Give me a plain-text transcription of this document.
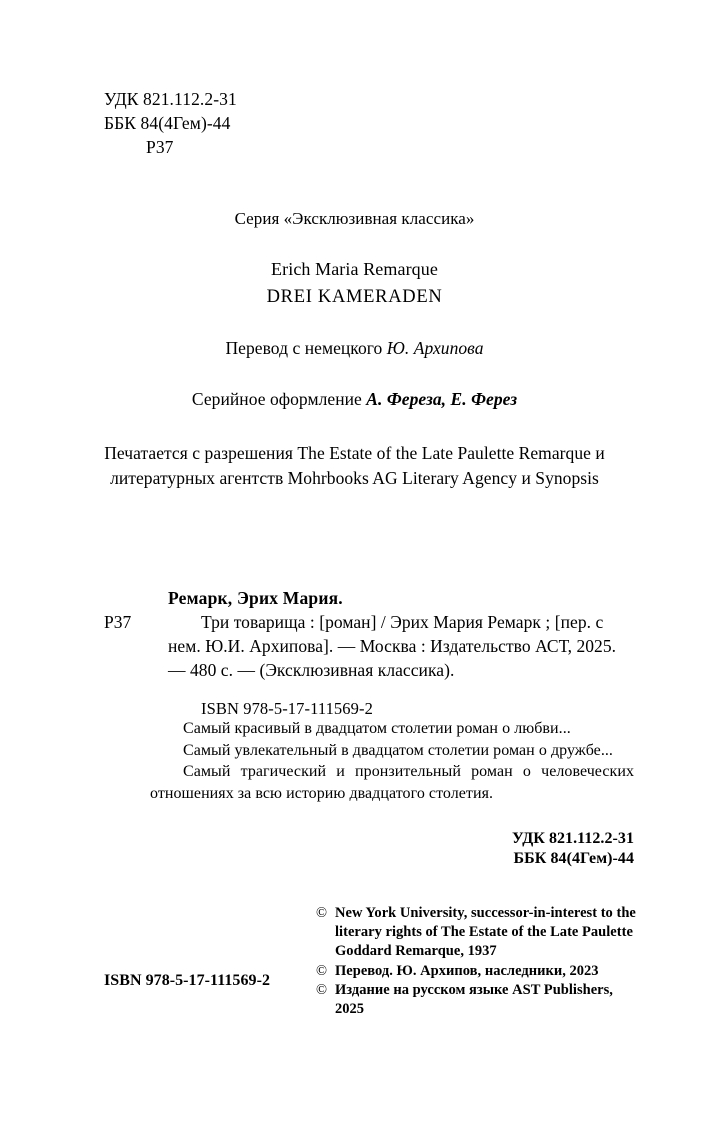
УДК 821.112.2-31
ББК 84(4Гем)-44
Р37
Серия «Эксклюзивная классика»
Erich Maria Remarque
DREI KAMERADEN
Перевод с немецкого Ю. Архипова
Серийное оформление А. Фереза, Е. Ферез
Печатается с разрешения The Estate of the Late Paulette Remarque и литературных агентств Mohrbooks AG Literary Agency и Synopsis
Р37
Ремарк, Эрих Мария.
Три товарища : [роман] / Эрих Мария Ремарк ; [пер. с нем. Ю.И. Архипова]. — Москва : Издательство АСТ, 2025. — 480 с. — (Эксклюзивная классика).
ISBN 978-5-17-111569-2

Самый красивый в двадцатом столетии роман о любви...

Самый увлекательный в двадцатом столетии роман о дружбе...

Самый трагический и пронзительный роман о человеческих отношениях за всю историю двадцатого столетия.

УДК 821.112.2-31
ББК 84(4Гем)-44
© New York University, successor-in-interest to the literary rights of The Estate of the Late Paulette Goddard Remarque, 1937
© Перевод. Ю. Архипов, наследники, 2023
© Издание на русском языке AST Publishers, 2025
ISBN 978-5-17-111569-2
